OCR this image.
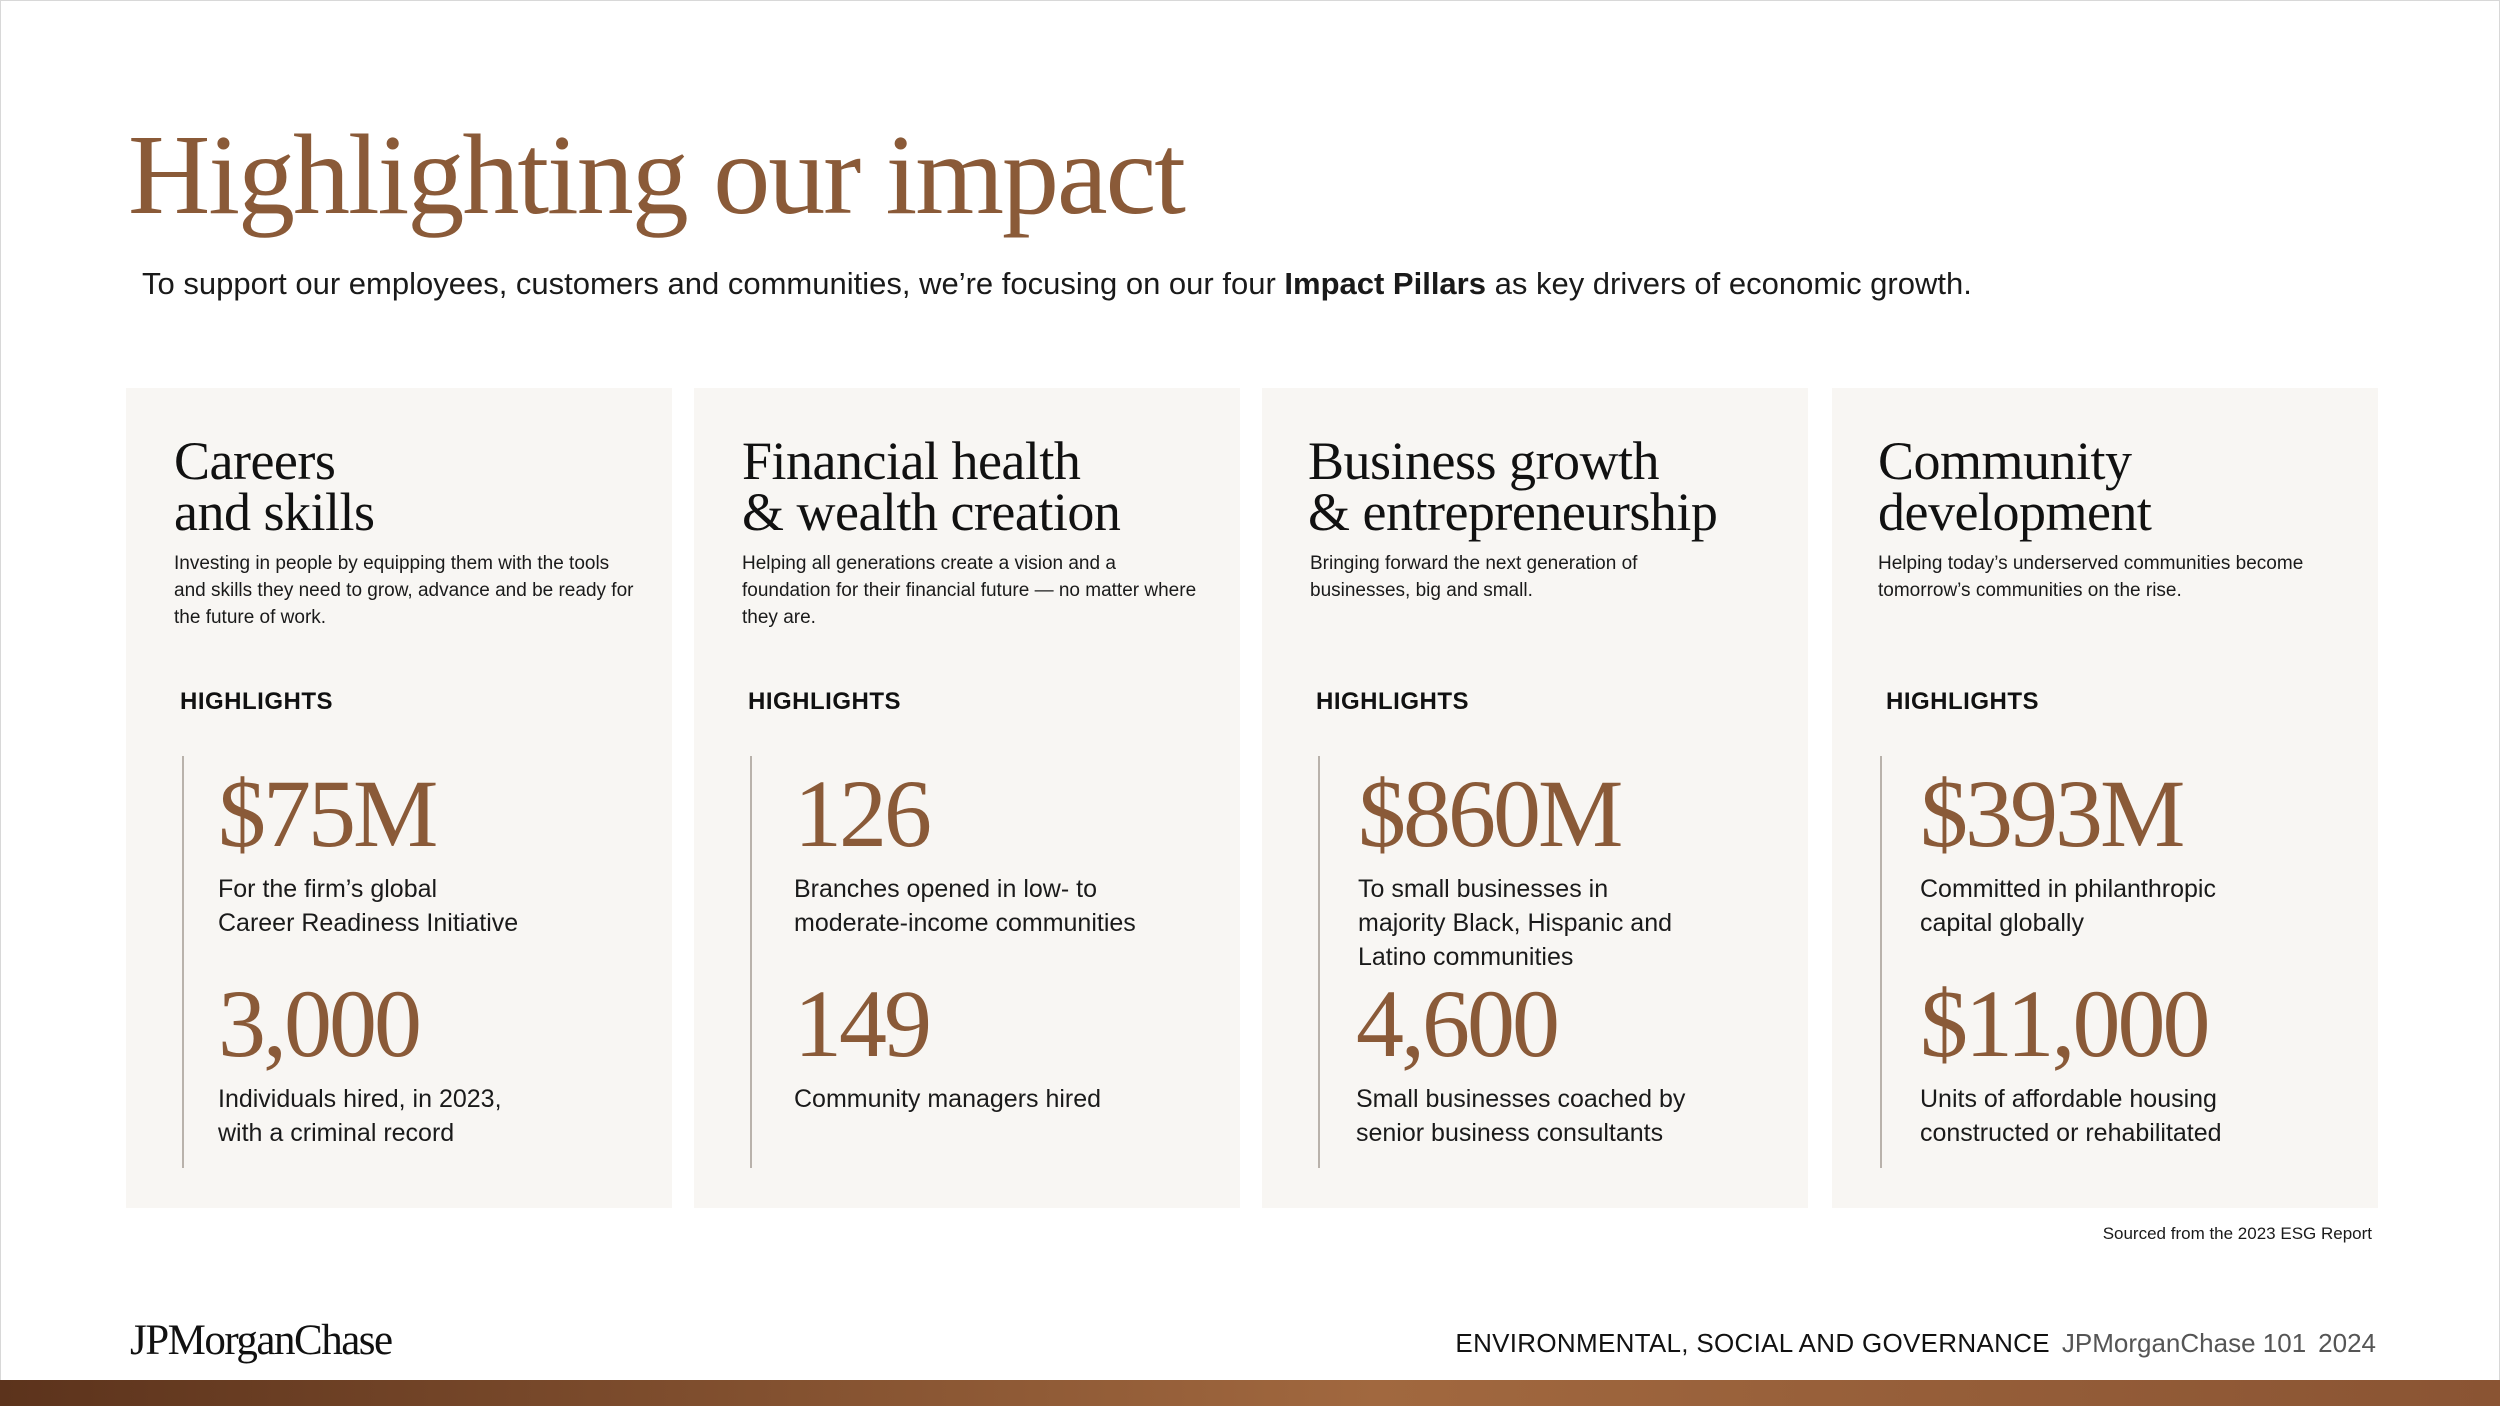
Highlighting our impact
To support our employees, customers and communities, we’re focusing on our four Impact Pillars as key drivers of economic growth.
Careers
and skills
Investing in people by equipping them with the tools and skills they need to grow, advance and be ready for the future of work.
HIGHLIGHTS
$75M
For the firm’s global
Career Readiness Initiative
3,000
Individuals hired, in 2023,
with a criminal record
Financial health
& wealth creation
Helping all generations create a vision and a foundation for their financial future — no matter where they are.
HIGHLIGHTS
126
Branches opened in low- to
moderate-income communities
149
Community managers hired
Business growth
& entrepreneurship
Bringing forward the next generation of businesses, big and small.
HIGHLIGHTS
$860M
To small businesses in
majority Black, Hispanic and
Latino communities
4,600
Small businesses coached by
senior business consultants
Community
development
Helping today’s underserved communities become tomorrow’s communities on the rise.
HIGHLIGHTS
$393M
Committed in philanthropic
capital globally
$11,000
Units of affordable housing
constructed or rehabilitated
Sourced from the 2023 ESG Report
JPMorganChase	ENVIRONMENTAL, SOCIAL AND GOVERNANCE JPMorganChase 101 2024
